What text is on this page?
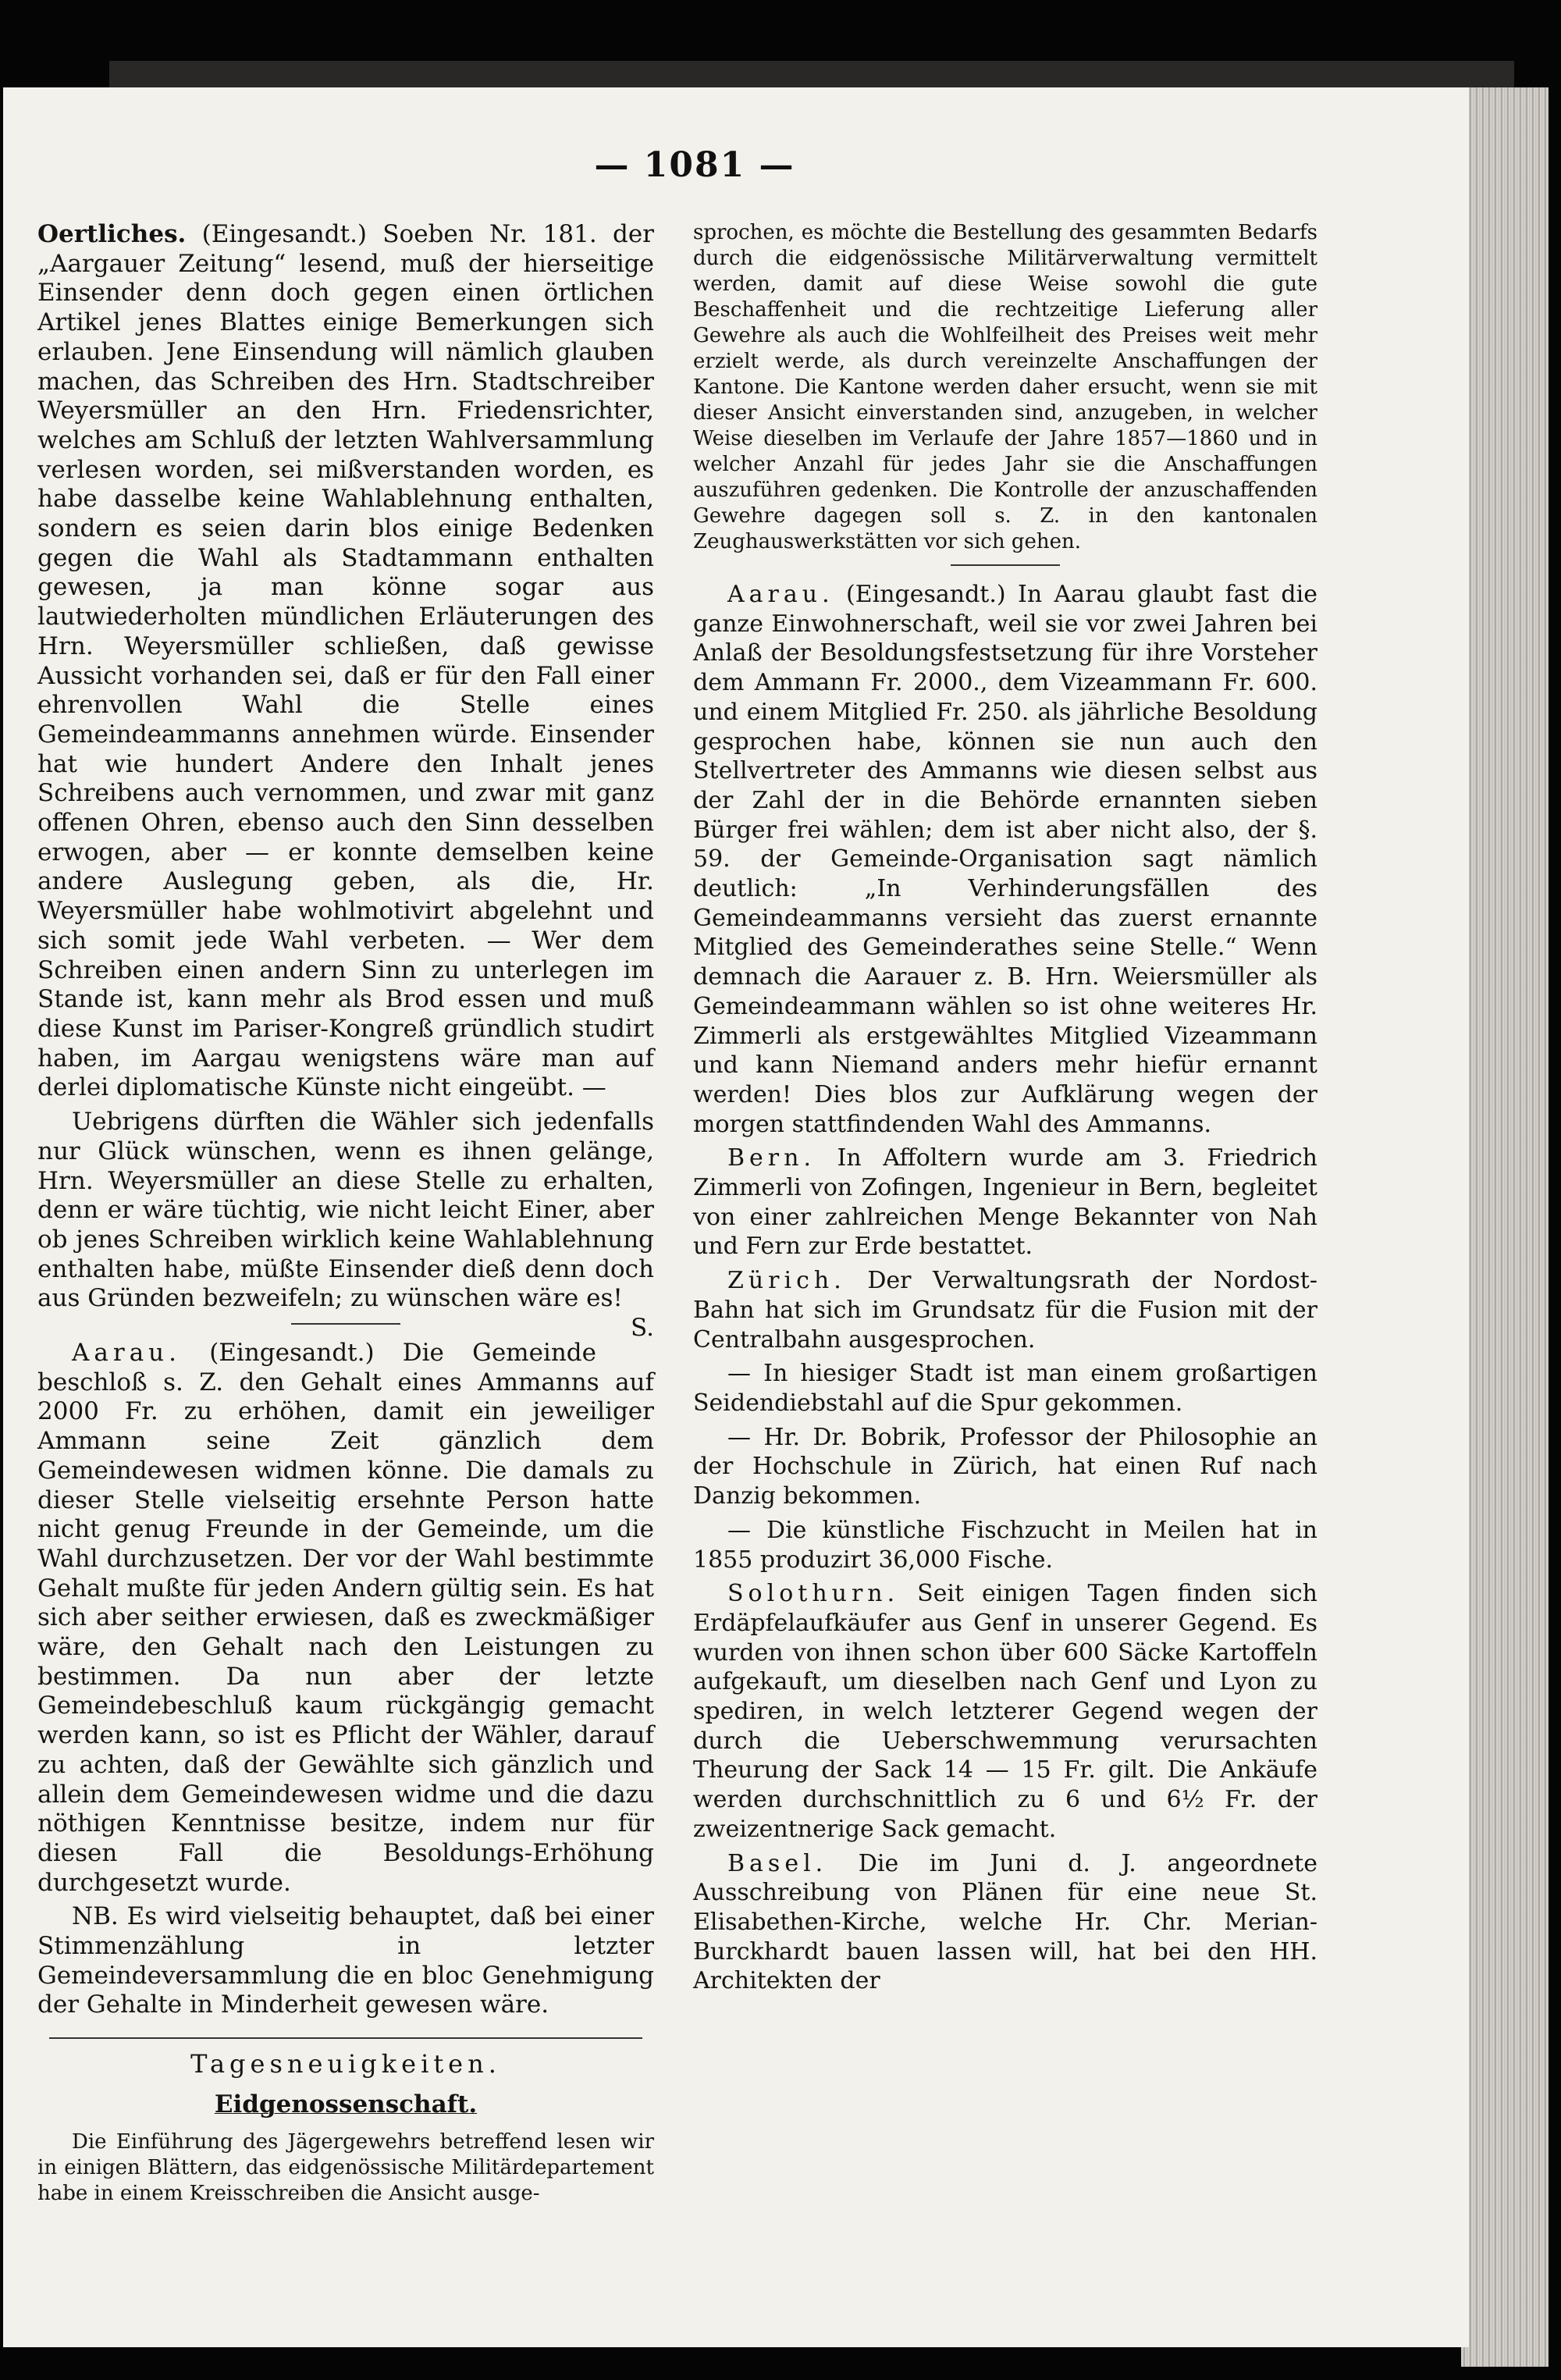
— 1081 —

Oertliches. (Eingesandt.) Soeben Nr. 181. der „Aargauer Zeitung“ lesend, muß der hierseitige Einsender denn doch gegen einen örtlichen Artikel jenes Blattes einige Bemerkungen sich erlauben. Jene Einsendung will nämlich glauben machen, das Schreiben des Hrn. Stadtschreiber Weyersmüller an den Hrn. Friedensrichter, welches am Schluß der letzten Wahlversammlung verlesen worden, sei mißverstanden worden, es habe dasselbe keine Wahlablehnung enthalten, sondern es seien darin blos einige Bedenken gegen die Wahl als Stadtammann enthalten gewesen, ja man könne sogar aus lautwiederholten mündlichen Erläuterungen des Hrn. Weyersmüller schließen, daß gewisse Aussicht vorhanden sei, daß er für den Fall einer ehrenvollen Wahl die Stelle eines Gemeindeammanns annehmen würde. Einsender hat wie hundert Andere den Inhalt jenes Schreibens auch vernommen, und zwar mit ganz offenen Ohren, ebenso auch den Sinn desselben erwogen, aber — er konnte demselben keine andere Auslegung geben, als die, Hr. Weyersmüller habe wohlmotivirt abgelehnt und sich somit jede Wahl verbeten. — Wer dem Schreiben einen andern Sinn zu unterlegen im Stande ist, kann mehr als Brod essen und muß diese Kunst im Pariser-Kongreß gründlich studirt haben, im Aargau wenigstens wäre man auf derlei diplomatische Künste nicht eingeübt. —

Uebrigens dürften die Wähler sich jedenfalls nur Glück wünschen, wenn es ihnen gelänge, Hrn. Weyersmüller an diese Stelle zu erhalten, denn er wäre tüchtig, wie nicht leicht Einer, aber ob jenes Schreiben wirklich keine Wahlablehnung enthalten habe, müßte Einsender dieß denn doch aus Gründen bezweifeln; zu wünschen wäre es!
S.

Aarau. (Eingesandt.) Die Gemeinde beschloß s. Z. den Gehalt eines Ammanns auf 2000 Fr. zu erhöhen, damit ein jeweiliger Ammann seine Zeit gänzlich dem Gemeindewesen widmen könne. Die damals zu dieser Stelle vielseitig ersehnte Person hatte nicht genug Freunde in der Gemeinde, um die Wahl durchzusetzen. Der vor der Wahl bestimmte Gehalt mußte für jeden Andern gültig sein. Es hat sich aber seither erwiesen, daß es zweckmäßiger wäre, den Gehalt nach den Leistungen zu bestimmen. Da nun aber der letzte Gemeindebeschluß kaum rückgängig gemacht werden kann, so ist es Pflicht der Wähler, darauf zu achten, daß der Gewählte sich gänzlich und allein dem Gemeindewesen widme und die dazu nöthigen Kenntnisse besitze, indem nur für diesen Fall die Besoldungs-Erhöhung durchgesetzt wurde.

NB. Es wird vielseitig behauptet, daß bei einer Stimmenzählung in letzter Gemeindeversammlung die en bloc Genehmigung der Gehalte in Minderheit gewesen wäre.

Tagesneuigkeiten.
Eidgenossenschaft.

Die Einführung des Jägergewehrs betreffend lesen wir in einigen Blättern, das eidgenössische Militärdepartement habe in einem Kreisschreiben die Ansicht ausge-

sprochen, es möchte die Bestellung des gesammten Bedarfs durch die eidgenössische Militärverwaltung vermittelt werden, damit auf diese Weise sowohl die gute Beschaffenheit und die rechtzeitige Lieferung aller Gewehre als auch die Wohlfeilheit des Preises weit mehr erzielt werde, als durch vereinzelte Anschaffungen der Kantone. Die Kantone werden daher ersucht, wenn sie mit dieser Ansicht einverstanden sind, anzugeben, in welcher Weise dieselben im Verlaufe der Jahre 1857—1860 und in welcher Anzahl für jedes Jahr sie die Anschaffungen auszuführen gedenken. Die Kontrolle der anzuschaffenden Gewehre dagegen soll s. Z. in den kantonalen Zeughauswerkstätten vor sich gehen.

Aarau. (Eingesandt.) In Aarau glaubt fast die ganze Einwohnerschaft, weil sie vor zwei Jahren bei Anlaß der Besoldungsfestsetzung für ihre Vorsteher dem Ammann Fr. 2000., dem Vizeammann Fr. 600. und einem Mitglied Fr. 250. als jährliche Besoldung gesprochen habe, können sie nun auch den Stellvertreter des Ammanns wie diesen selbst aus der Zahl der in die Behörde ernannten sieben Bürger frei wählen; dem ist aber nicht also, der §. 59. der Gemeinde-Organisation sagt nämlich deutlich: „In Verhinderungsfällen des Gemeindeammanns versieht das zuerst ernannte Mitglied des Gemeinderathes seine Stelle.“ Wenn demnach die Aarauer z. B. Hrn. Weiersmüller als Gemeindeammann wählen so ist ohne weiteres Hr. Zimmerli als erstgewähltes Mitglied Vizeammann und kann Niemand anders mehr hiefür ernannt werden! Dies blos zur Aufklärung wegen der morgen stattfindenden Wahl des Ammanns.

Bern. In Affoltern wurde am 3. Friedrich Zimmerli von Zofingen, Ingenieur in Bern, begleitet von einer zahlreichen Menge Bekannter von Nah und Fern zur Erde bestattet.

Zürich. Der Verwaltungsrath der Nordost-Bahn hat sich im Grundsatz für die Fusion mit der Centralbahn ausgesprochen.

— In hiesiger Stadt ist man einem großartigen Seidendiebstahl auf die Spur gekommen.

— Hr. Dr. Bobrik, Professor der Philosophie an der Hochschule in Zürich, hat einen Ruf nach Danzig bekommen.

— Die künstliche Fischzucht in Meilen hat in 1855 produzirt 36,000 Fische.

Solothurn. Seit einigen Tagen finden sich Erdäpfelaufkäufer aus Genf in unserer Gegend. Es wurden von ihnen schon über 600 Säcke Kartoffeln aufgekauft, um dieselben nach Genf und Lyon zu spediren, in welch letzterer Gegend wegen der durch die Ueberschwemmung verursachten Theurung der Sack 14 — 15 Fr. gilt. Die Ankäufe werden durchschnittlich zu 6 und 6½ Fr. der zweizentnerige Sack gemacht.

Basel. Die im Juni d. J. angeordnete Ausschreibung von Plänen für eine neue St. Elisabethen-Kirche, welche Hr. Chr. Merian-Burckhardt bauen lassen will, hat bei den HH. Architekten der
